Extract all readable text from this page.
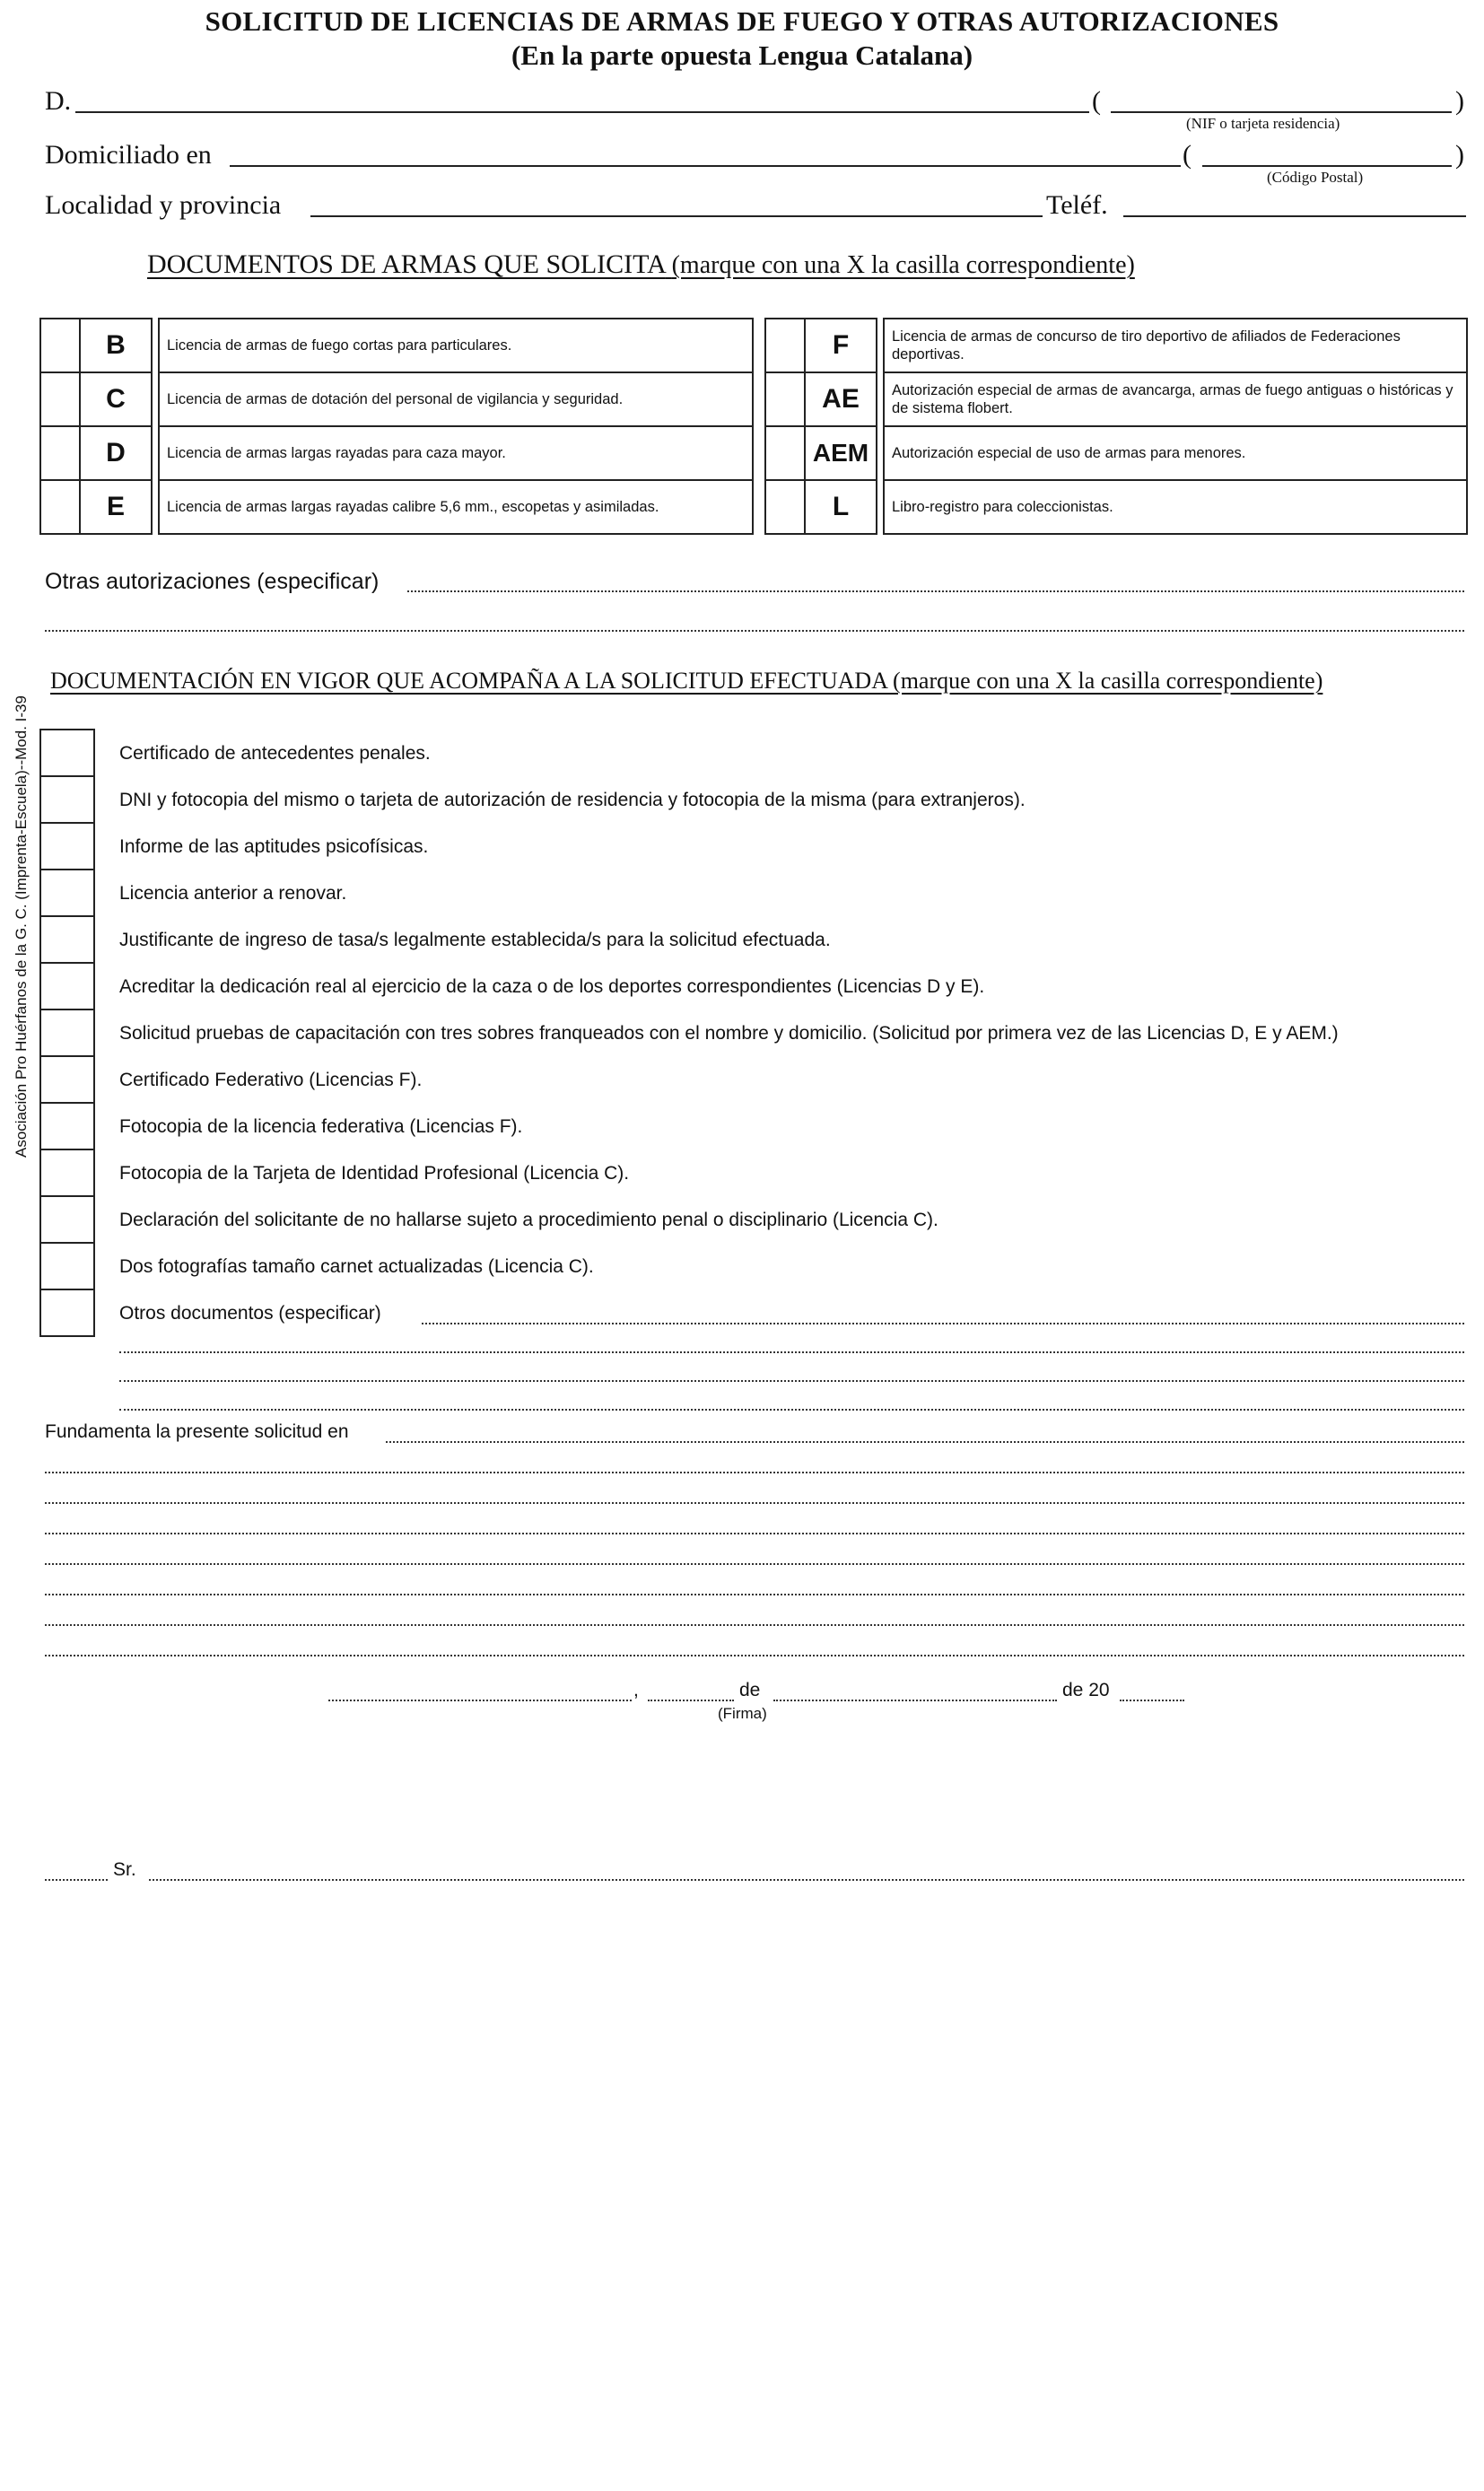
SOLICITUD DE LICENCIAS DE ARMAS DE FUEGO Y OTRAS AUTORIZACIONES
(En la parte opuesta Lengua Catalana)
D.	(	)
(NIF o tarjeta residencia)
Domiciliado en	(	)
(Código Postal)
Localidad y provincia	Teléf.
DOCUMENTOS DE ARMAS QUE SOLICITA (marque con una X la casilla correspondiente)
B	Licencia de armas de fuego cortas para particulares.
C	Licencia de armas de dotación del personal de vigilancia y seguridad.
D	Licencia de armas largas rayadas para caza mayor.
E	Licencia de armas largas rayadas calibre 5,6 mm., escopetas y asimiladas.
F	Licencia de armas de concurso de tiro deportivo de afiliados de Federaciones deportivas.
AE	Autorización especial de armas de avancarga, armas de fuego antiguas o históricas y de sistema flobert.
AEM	Autorización especial de uso de armas para menores.
L	Libro-registro para coleccionistas.
Otras autorizaciones (especificar)
DOCUMENTACIÓN EN VIGOR QUE ACOMPAÑA A LA SOLICITUD EFECTUADA (marque con una X la casilla correspondiente)
Asociación Pro Huérfanos de la G. C. (Imprenta-Escuela)--Mod. I-39	Certificado de antecedentes penales.
DNI y fotocopia del mismo o tarjeta de autorización de residencia y fotocopia de la misma (para extranjeros).
Informe de las aptitudes psicofísicas.
Licencia anterior a renovar.
Justificante de ingreso de tasa/s legalmente establecida/s para la solicitud efectuada.
Acreditar la dedicación real al ejercicio de la caza o de los deportes correspondientes (Licencias D y E).
Solicitud pruebas de capacitación con tres sobres franqueados con el nombre y domicilio. (Solicitud por primera vez de las Licencias D, E y AEM.)
Certificado Federativo (Licencias F).
Fotocopia de la licencia federativa (Licencias F).
Fotocopia de la Tarjeta de Identidad Profesional (Licencia C).
Declaración del solicitante de no hallarse sujeto a procedimiento penal o disciplinario (Licencia C).
Dos fotografías tamaño carnet actualizadas (Licencia C).
Otros documentos (especificar)
Fundamenta la presente solicitud en
,	de	de 20
(Firma)
Sr.
